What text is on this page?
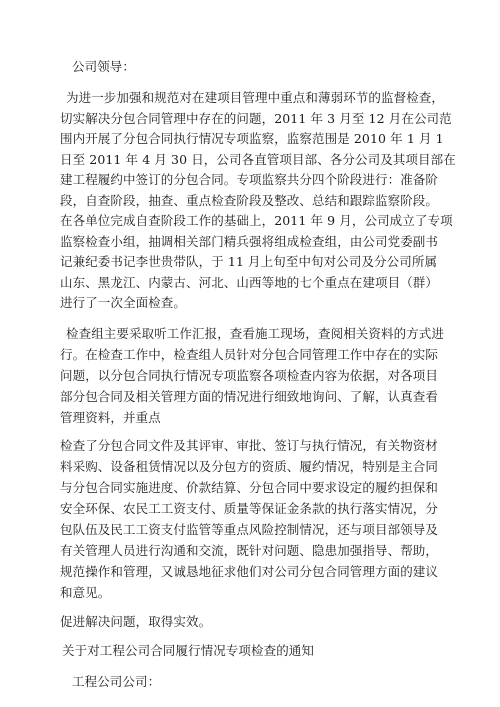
公司领导：
为进一步加强和规范对在建项目管理中重点和薄弱环节的监督检查，
切实解决分包合同管理中存在的问题，2011 年 3 月至 12 月在公司范
围内开展了分包合同执行情况专项监察，监察范围是 2010 年 1 月 1
日至 2011 年 4 月 30 日，公司各直管项目部、各分公司及其项目部在
建工程履约中签订的分包合同。专项监察共分四个阶段进行：准备阶
段，自查阶段，抽查、重点检查阶段及整改、总结和跟踪监察阶段。
在各单位完成自查阶段工作的基础上，2011 年 9 月，公司成立了专项
监察检查小组，抽调相关部门精兵强将组成检查组，由公司党委副书
记兼纪委书记李世贵带队，于 11 月上旬至中旬对公司及分公司所属
山东、黑龙江、内蒙古、河北、山西等地的七个重点在建项目（群）
进行了一次全面检查。
检查组主要采取听工作汇报，查看施工现场，查阅相关资料的方式进
行。在检查工作中，检查组人员针对分包合同管理工作中存在的实际
问题，以分包合同执行情况专项监察各项检查内容为依据，对各项目
部分包合同及相关管理方面的情况进行细致地询问、了解，认真查看
管理资料，并重点
检查了分包合同文件及其评审、审批、签订与执行情况，有关物资材
料采购、设备租赁情况以及分包方的资质、履约情况，特别是主合同
与分包合同实施进度、价款结算、分包合同中要求设定的履约担保和
安全环保、农民工工资支付、质量等保证金条款的执行落实情况，分
包队伍及民工工资支付监管等重点风险控制情况，还与项目部领导及
有关管理人员进行沟通和交流，既针对问题、隐患加强指导、帮助，
规范操作和管理，又诚恳地征求他们对公司分包合同管理方面的建议
和意见。
促进解决问题，取得实效。
关于对工程公司合同履行情况专项检查的通知
工程公司公司：
